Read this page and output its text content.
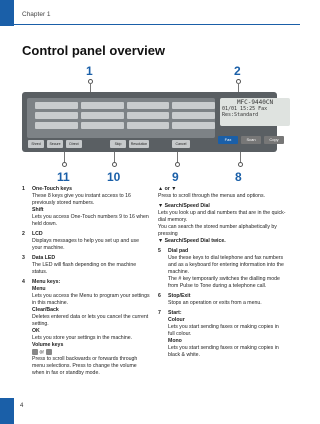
Chapter 1
Control panel overview
1	2
MFC-9440CN
01/01 15:25 Fax
Res:Standard
Fax	Scan	Copy
Shred	Secure	Direct	Skip	Resolution	Cancel
11	10	9	8
1 One-Touch keys
These 8 keys give you instant access to 16 previously stored numbers.
Shift
Lets you access One-Touch numbers 9 to 16 when held down.
2 LCD
Displays messages to help you set up and use your machine.
3 Data LED
The LED will flash depending on the machine status.
4 Menu keys:
Menu
Lets you access the Menu to program your settings in this machine.
Clear/Back
Deletes entered data or lets you cancel the current setting.
OK
Lets you store your settings in the machine.
Volume keys
or
Press to scroll backwards or forwards through menu selections. Press to change the volume when in fax or standby mode.
▲ or ▼
Press to scroll through the menus and options.
▼ Search/Speed Dial
Lets you look up and dial numbers that are in the quick-dial memory.
You can search the stored number alphabetically by pressing
▼ Search/Speed Dial twice.
5 Dial pad
Use these keys to dial telephone and fax numbers and as a keyboard for entering information into the machine.
The # key temporarily switches the dialling mode from Pulse to Tone during a telephone call.
6 Stop/Exit
Stops an operation or exits from a menu.
7 Start:
Colour
Lets you start sending faxes or making copies in full colour.
Mono
Lets you start sending faxes or making copies in black & white.
4
